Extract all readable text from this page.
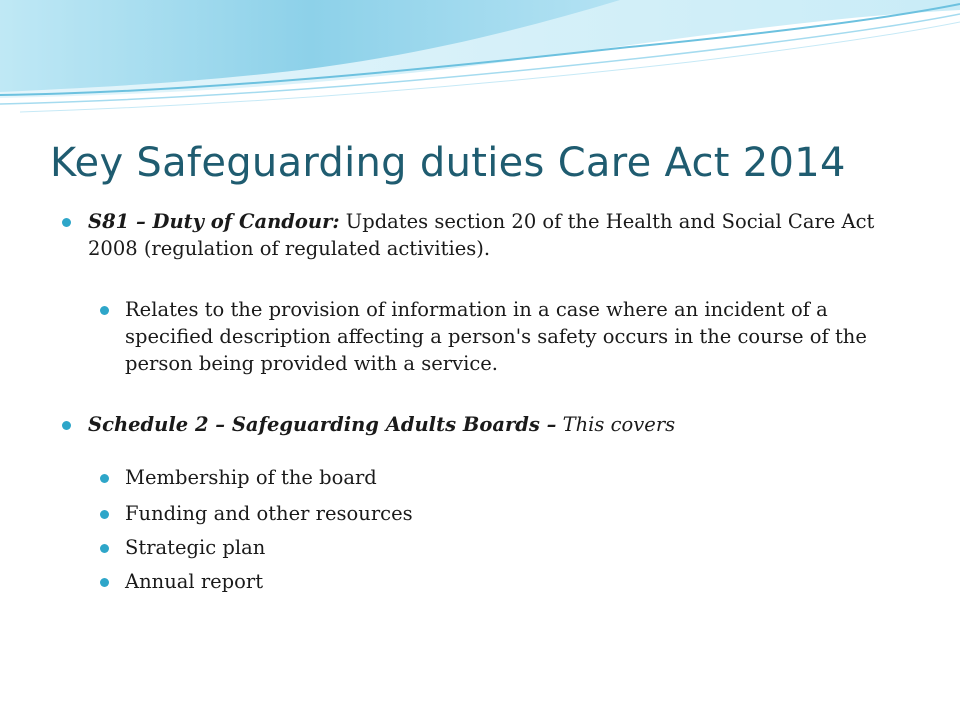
Key Safeguarding duties Care Act 2014
S81 – Duty of Candour: Updates section 20 of the Health and Social Care Act 2008 (regulation of regulated activities).
Relates to the provision of information in a case where an incident of a specified description affecting a person's safety occurs in the course of the person being provided with a service.
Schedule 2 – Safeguarding Adults Boards – This covers
Membership of the board
Funding and other resources
Strategic plan
Annual report
